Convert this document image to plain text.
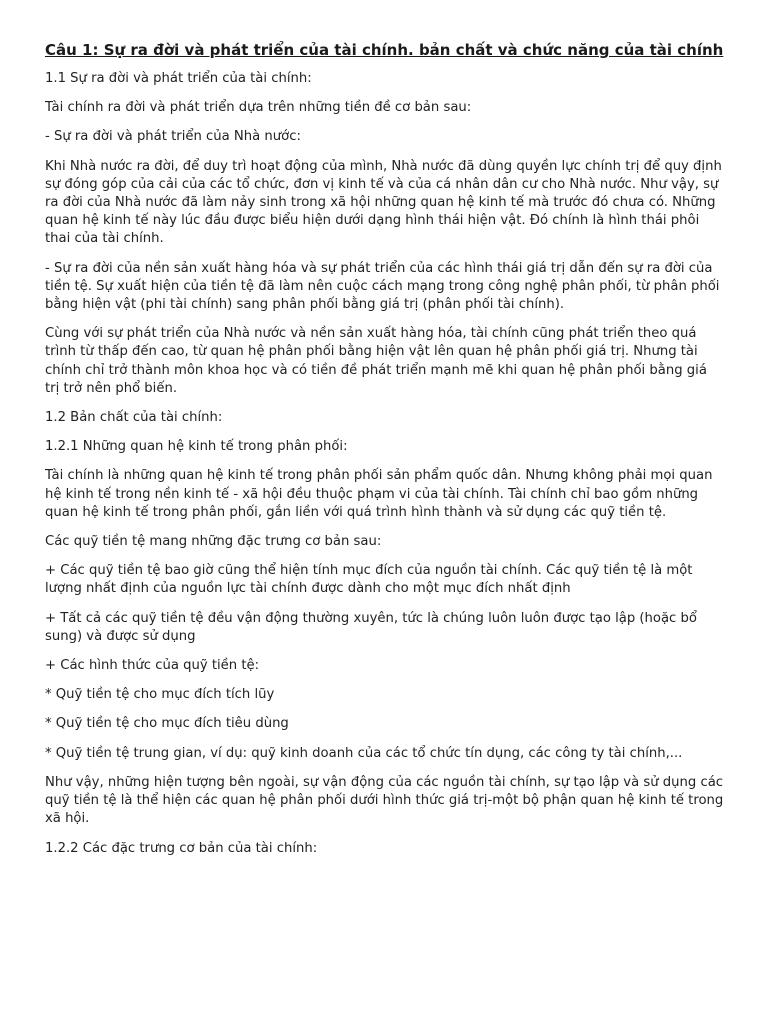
Câu 1: Sự ra đời và phát triển của tài chính. bản chất và chức năng của tài chính
1.1 Sự ra đời và phát triển của tài chính:
Tài chính ra đời và phát triển dựa trên những tiền đề cơ bản sau:
- Sự ra đời và phát triển của Nhà nước:
Khi Nhà nước ra đời, để duy trì hoạt động của mình, Nhà nước đã dùng quyền lực chính trị để quy định sự đóng góp của cải của các tổ chức, đơn vị kinh tế và của cá nhân dân cư cho Nhà nước. Như vậy, sự ra đời của Nhà nước đã làm nảy sinh trong xã hội những quan hệ kinh tế mà trước đó chưa có. Những quan hệ kinh tế này lúc đầu được biểu hiện dưới dạng hình thái hiện vật. Đó chính là hình thái phôi thai của tài chính.
- Sự ra đời của nền sản xuất hàng hóa và sự phát triển của các hình thái giá trị dẫn đến sự ra đời của tiền tệ. Sự xuất hiện của tiền tệ đã làm nên cuộc cách mạng trong công nghệ phân phối, từ phân phối bằng hiện vật (phi tài chính) sang phân phối bằng giá trị (phân phối tài chính).
Cùng với sự phát triển của Nhà nước và nền sản xuất hàng hóa, tài chính cũng phát triển theo quá trình từ thấp đến cao, từ quan hệ phân phối bằng hiện vật lên quan hệ phân phối giá trị. Nhưng tài chính chỉ trở thành môn khoa học và có tiền đề phát triển mạnh mẽ khi quan hệ phân phối bằng giá trị trở nên phổ biến.
1.2 Bản chất của tài chính:
1.2.1 Những quan hệ kinh tế trong phân phối:
Tài chính là những quan hệ kinh tế trong phân phối sản phẩm quốc dân. Nhưng không phải mọi quan hệ kinh tế trong nền kinh tế - xã hội đều thuộc phạm vi của tài chính. Tài chính chỉ bao gồm những quan hệ kinh tế trong phân phối, gắn liền với quá trình hình thành và sử dụng các quỹ tiền tệ.
Các quỹ tiền tệ mang những đặc trưng cơ bản sau:
+ Các quỹ tiền tệ bao giờ cũng thể hiện tính mục đích của nguồn tài chính. Các quỹ tiền tệ là một lượng nhất định của nguồn lực tài chính được dành cho một mục đích nhất định
+ Tất cả các quỹ tiền tệ đều vận động thường xuyên, tức là chúng luôn luôn được tạo lập (hoặc bổ sung) và được sử dụng
+ Các hình thức của quỹ tiền tệ:
* Quỹ tiền tệ cho mục đích tích lũy
* Quỹ tiền tệ cho mục đích tiêu dùng
* Quỹ tiền tệ trung gian, ví dụ: quỹ kinh doanh của các tổ chức tín dụng, các công ty tài chính,...
Như vậy, những hiện tượng bên ngoài, sự vận động của các nguồn tài chính, sự tạo lập và sử dụng các quỹ tiền tệ là thể hiện các quan hệ phân phối dưới hình thức giá trị-một bộ phận quan hệ kinh tế trong xã hội.
1.2.2 Các đặc trưng cơ bản của tài chính:
